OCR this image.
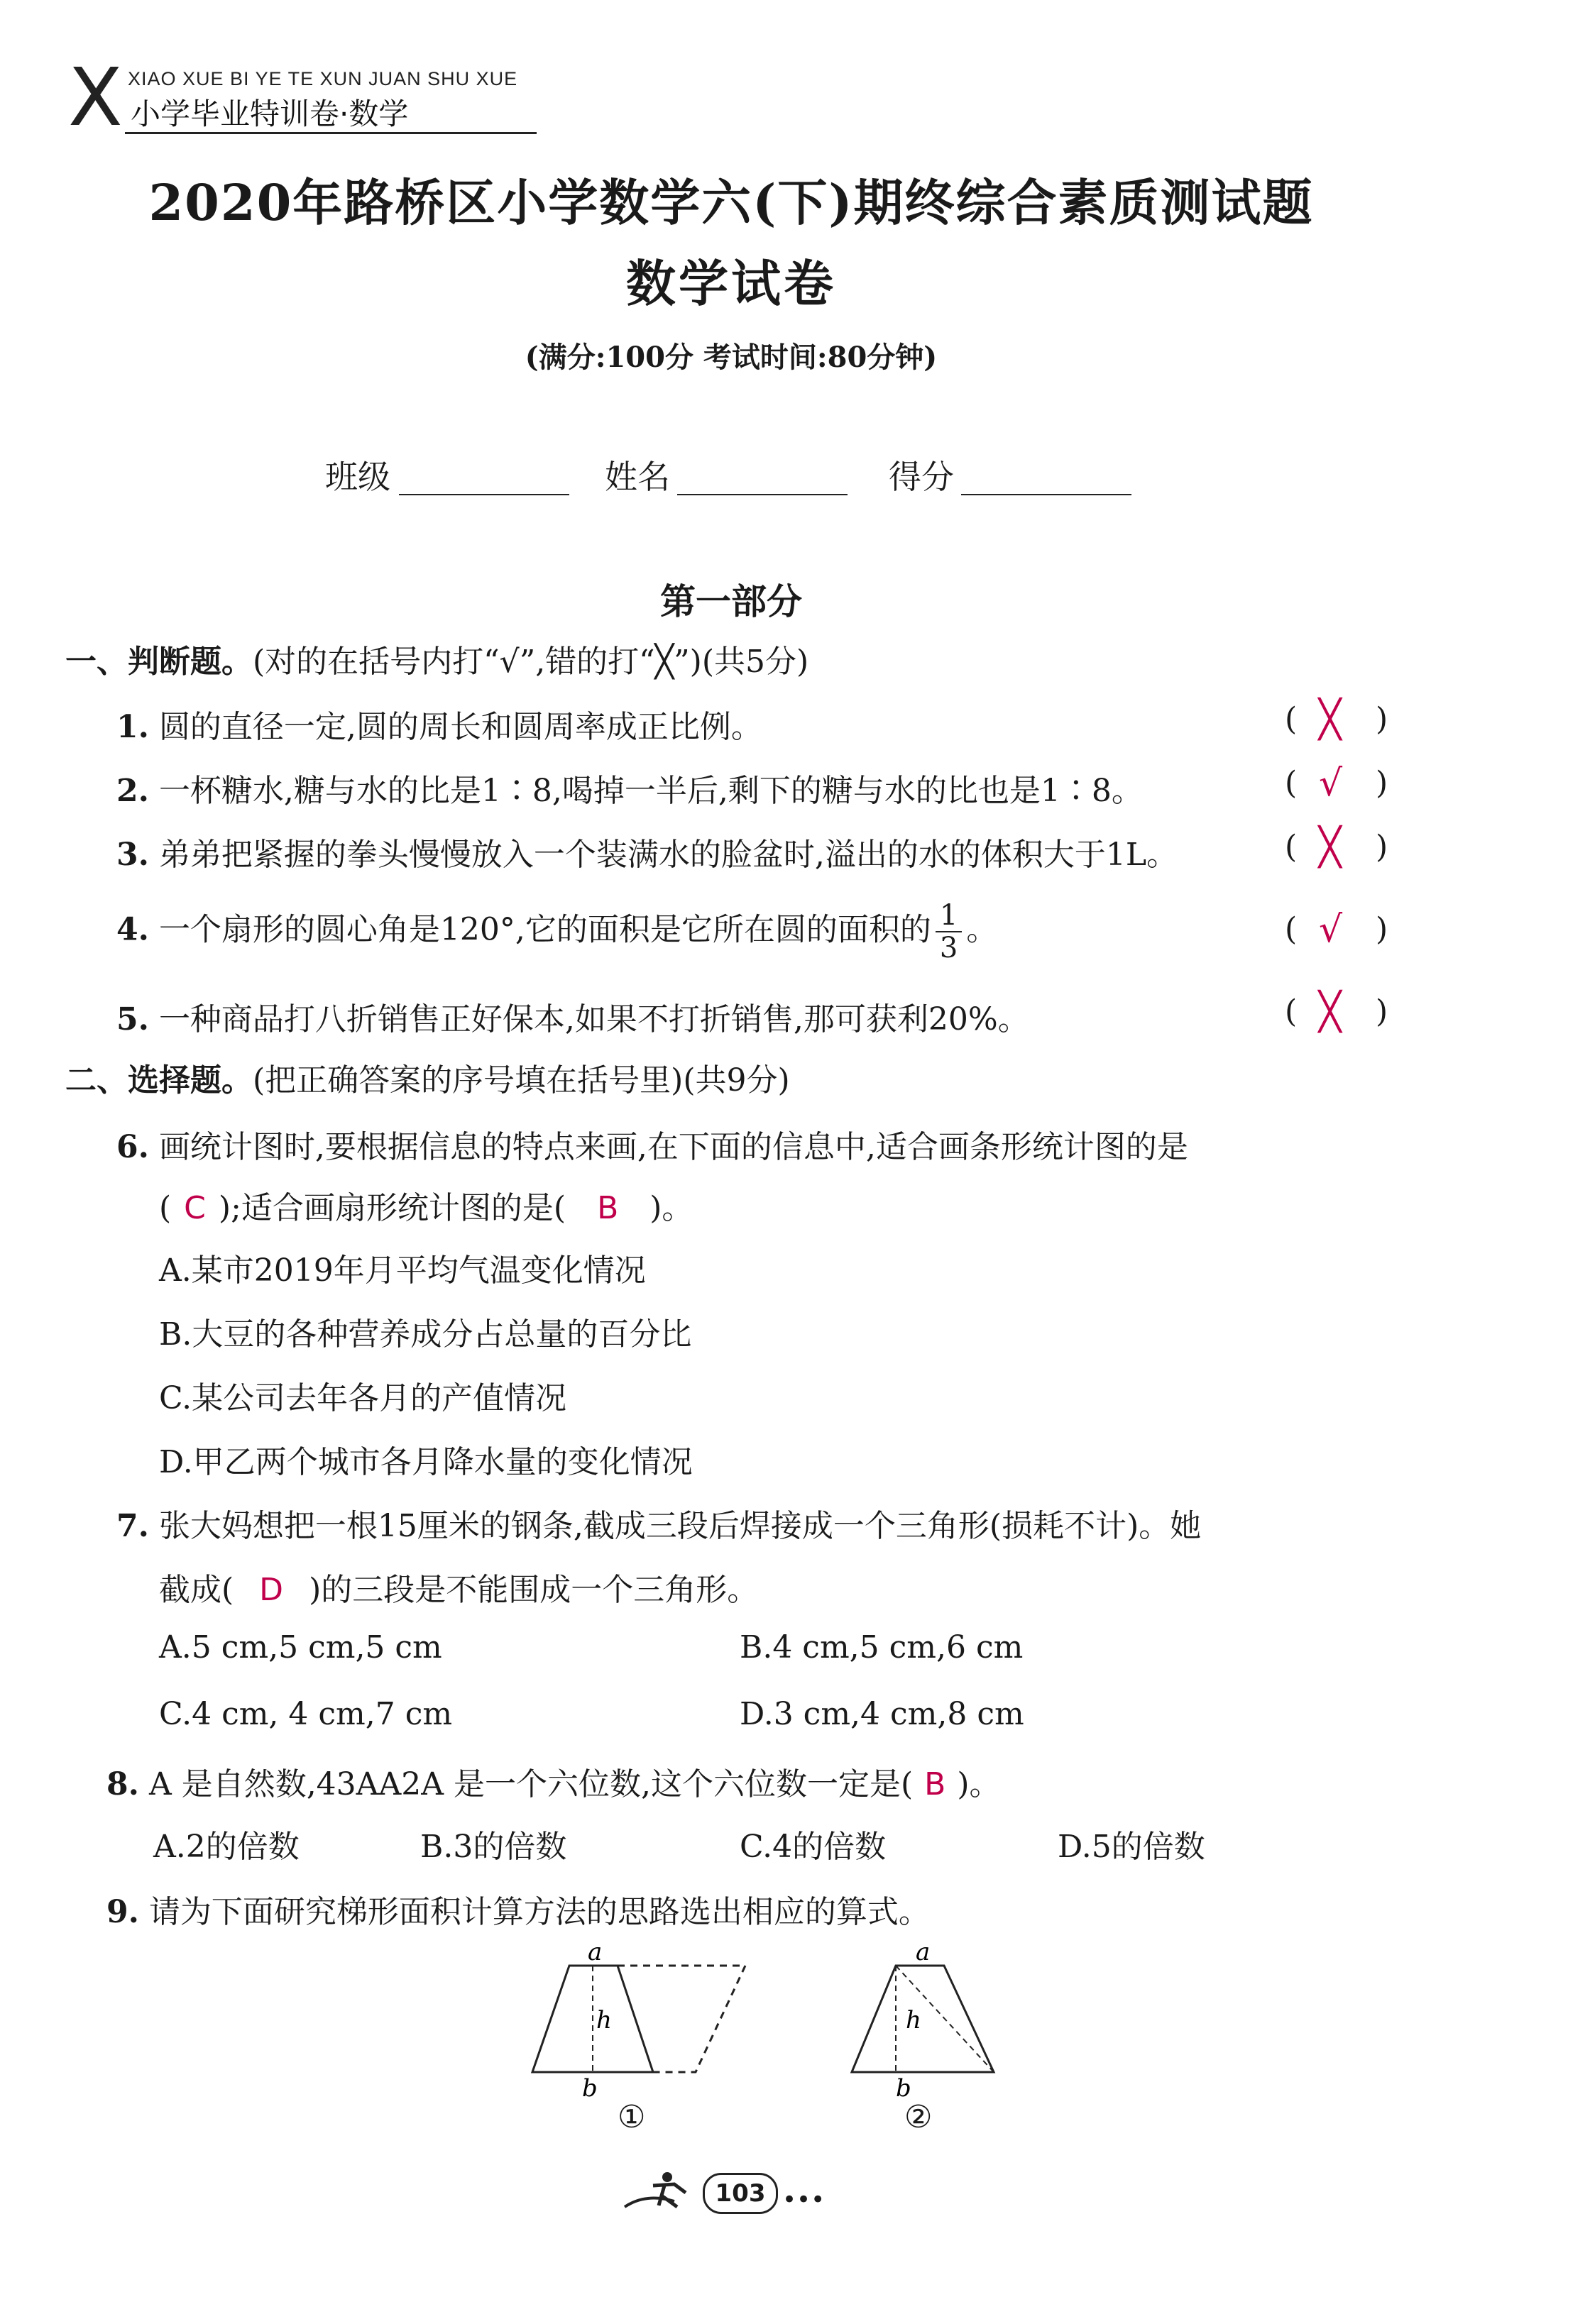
X XIAO XUE BI YE TE XUN JUAN SHU XUE
小学毕业特训卷·数学
2020年路桥区小学数学六(下)期终综合素质测试题
数学试卷
(满分:100分 考试时间:80分钟)
班级	姓名	得分
第一部分
一、判断题。(对的在括号内打“√”,错的打“╳”)(共5分)
1. 圆的直径一定,圆的周长和圆周率成正比例。	( ╳ )
2. 一杯糖水,糖与水的比是1∶8,喝掉一半后,剩下的糖与水的比也是1∶8。	( √ )
3. 弟弟把紧握的拳头慢慢放入一个装满水的脸盆时,溢出的水的体积大于1L。	( ╳ )
4. 一个扇形的圆心角是120°,它的面积是它所在圆的面积的 $\frac{1}{3}$ 。	( √ )
5. 一种商品打八折销售正好保本,如果不打折销售,那可获利20%。	( ╳ )
二、选择题。(把正确答案的序号填在括号里)(共9分)
6. 画统计图时,要根据信息的特点来画,在下面的信息中,适合画条形统计图的是
( C );适合画扇形统计图的是( B )。
A.某市2019年月平均气温变化情况
B.大豆的各种营养成分占总量的百分比
C.某公司去年各月的产值情况
D.甲乙两个城市各月降水量的变化情况
7. 张大妈想把一根15厘米的钢条,截成三段后焊接成一个三角形(损耗不计)。她
截成( D )的三段是不能围成一个三角形。
A.5 cm,5 cm,5 cm	B.4 cm,5 cm,6 cm
C.4 cm, 4 cm,7 cm	D.3 cm,4 cm,8 cm
8. A 是自然数,43AA2A 是一个六位数,这个六位数一定是( B )。
A.2的倍数	B.3的倍数	C.4的倍数	D.5的倍数
9. 请为下面研究梯形面积计算方法的思路选出相应的算式。
a
h
b
①
a
h
b
②
103 •••
